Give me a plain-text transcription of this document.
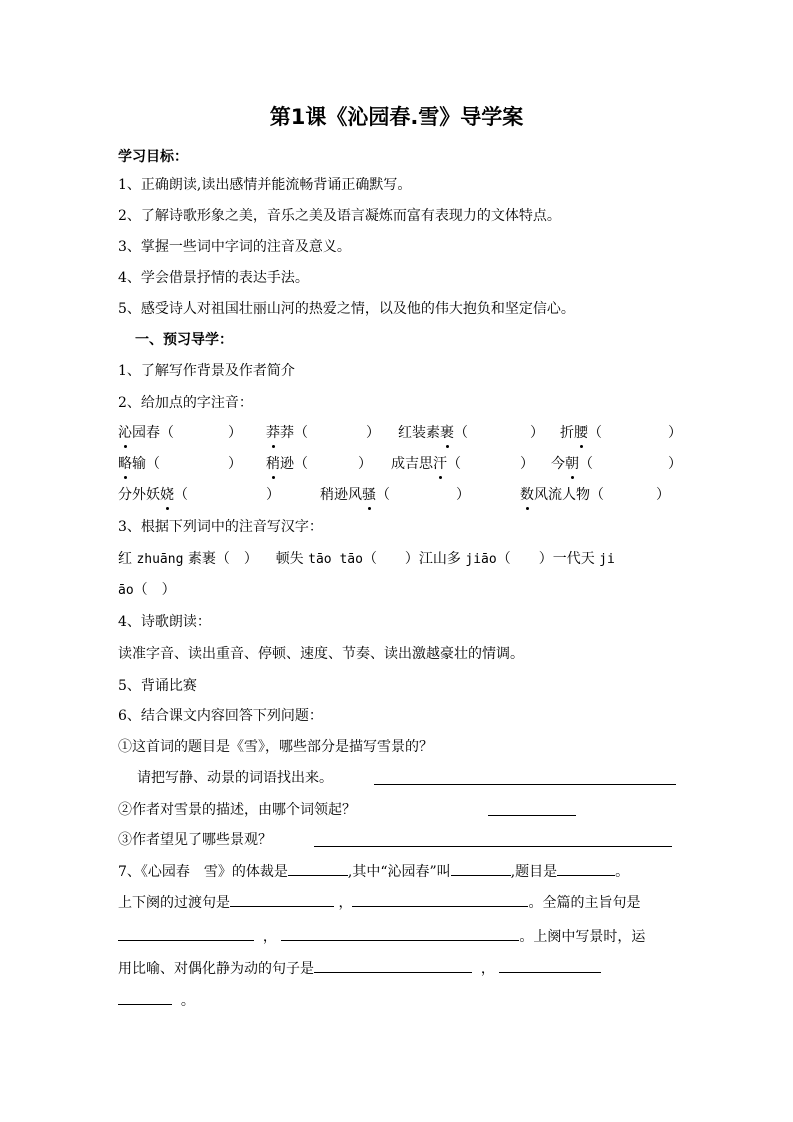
第1课《沁园春.雪》导学案
学习目标：
1、正确朗读,读出感情并能流畅背诵正确默写。
2、了解诗歌形象之美，音乐之美及语言凝炼而富有表现力的文体特点。
3、掌握一些词中字词的注音及意义。
4、学会借景抒情的表达手法。
5、感受诗人对祖国壮丽山河的热爱之情，以及他的伟大抱负和坚定信心。
一、预习导学：
1、了解写作背景及作者简介
2、给加点的字注音：
沁园春（	） 莽莽（	） 红装素裹（	） 折腰（	）
略输（	） 稍逊（	） 成吉思汗（	） 今朝（	）
分外妖娆（	）	稍逊风骚（	）	数风流人物（	）
3、根据下列词中的注音写汉字：
红 zhuāng 素裹（　） 顿失 tāo tāo（　　）江山多 jiāo（　　）一代天 ji
āo（　）
4、诗歌朗读：
读准字音、读出重音、停顿、速度、节奏、读出激越豪壮的情调。
5、背诵比赛
6、结合课文内容回答下列问题：
①这首词的题目是《雪》，哪些部分是描写雪景的？
请把写静、动景的词语找出来。
②作者对雪景的描述，由哪个词领起？
③作者望见了哪些景观？
7、《心园春　雪》的体裁是	,其中“沁园春”叫	,题目是	。
上下阕的过渡句是	，	。全篇的主旨句是
，	。上阕中写景时，运
用比喻、对偶化静为动的句子是	，
。
